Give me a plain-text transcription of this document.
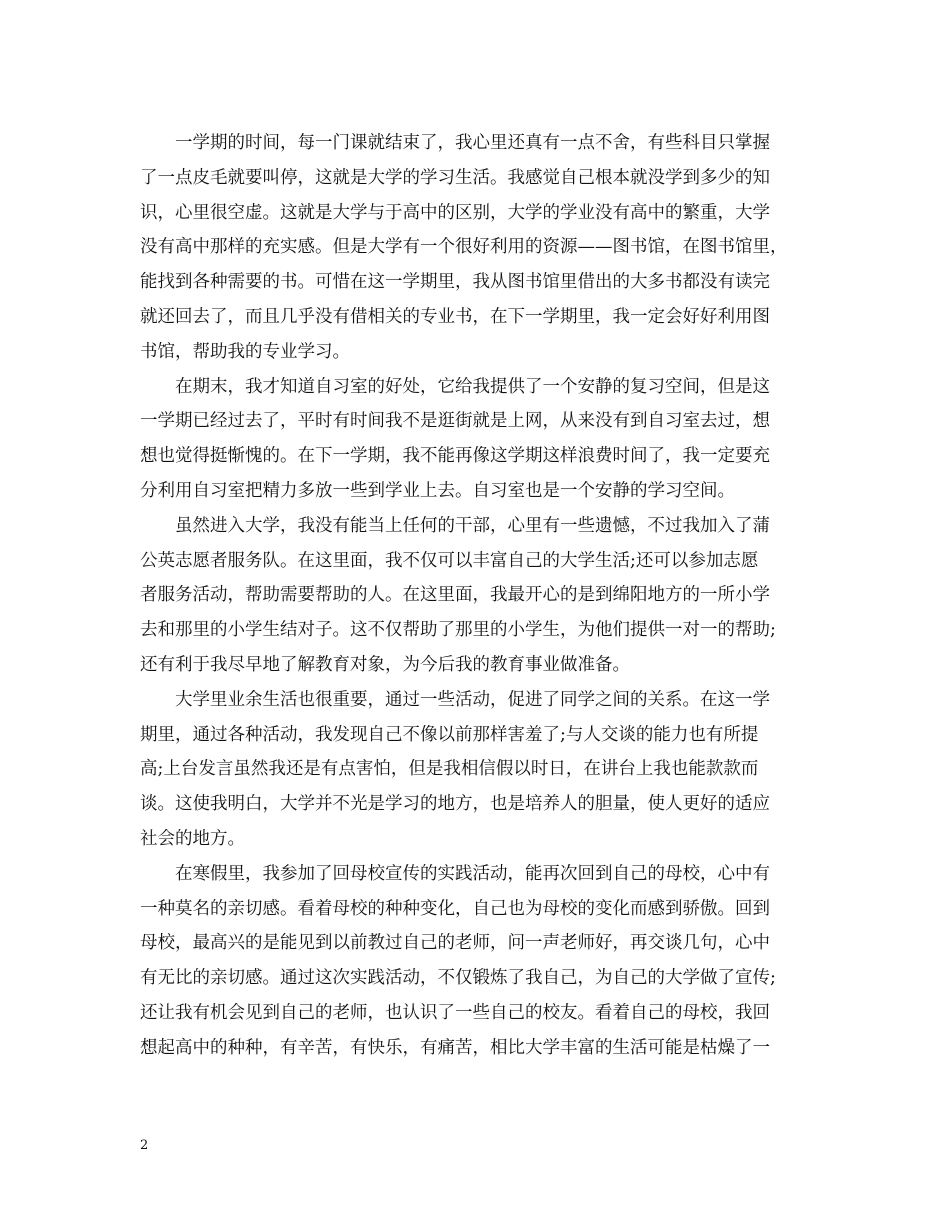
一学期的时间，每一门课就结束了，我心里还真有一点不舍，有些科目只掌握
了一点皮毛就要叫停，这就是大学的学习生活。我感觉自己根本就没学到多少的知
识，心里很空虚。这就是大学与于高中的区别，大学的学业没有高中的繁重，大学
没有高中那样的充实感。但是大学有一个很好利用的资源——图书馆，在图书馆里，
能找到各种需要的书。可惜在这一学期里，我从图书馆里借出的大多书都没有读完
就还回去了，而且几乎没有借相关的专业书，在下一学期里，我一定会好好利用图
书馆，帮助我的专业学习。
在期末，我才知道自习室的好处，它给我提供了一个安静的复习空间，但是这
一学期已经过去了，平时有时间我不是逛街就是上网，从来没有到自习室去过，想
想也觉得挺惭愧的。在下一学期，我不能再像这学期这样浪费时间了，我一定要充
分利用自习室把精力多放一些到学业上去。自习室也是一个安静的学习空间。
虽然进入大学，我没有能当上任何的干部，心里有一些遗憾，不过我加入了蒲
公英志愿者服务队。在这里面，我不仅可以丰富自己的大学生活;还可以参加志愿
者服务活动，帮助需要帮助的人。在这里面，我最开心的是到绵阳地方的一所小学
去和那里的小学生结对子。这不仅帮助了那里的小学生，为他们提供一对一的帮助;
还有利于我尽早地了解教育对象，为今后我的教育事业做准备。
大学里业余生活也很重要，通过一些活动，促进了同学之间的关系。在这一学
期里，通过各种活动，我发现自己不像以前那样害羞了;与人交谈的能力也有所提
高;上台发言虽然我还是有点害怕，但是我相信假以时日，在讲台上我也能款款而
谈。这使我明白，大学并不光是学习的地方，也是培养人的胆量，使人更好的适应
社会的地方。
在寒假里，我参加了回母校宣传的实践活动，能再次回到自己的母校，心中有
一种莫名的亲切感。看着母校的种种变化，自己也为母校的变化而感到骄傲。回到
母校，最高兴的是能见到以前教过自己的老师，问一声老师好，再交谈几句，心中
有无比的亲切感。通过这次实践活动，不仅锻炼了我自己，为自己的大学做了宣传;
还让我有机会见到自己的老师，也认识了一些自己的校友。看着自己的母校，我回
想起高中的种种，有辛苦，有快乐，有痛苦，相比大学丰富的生活可能是枯燥了一
2
